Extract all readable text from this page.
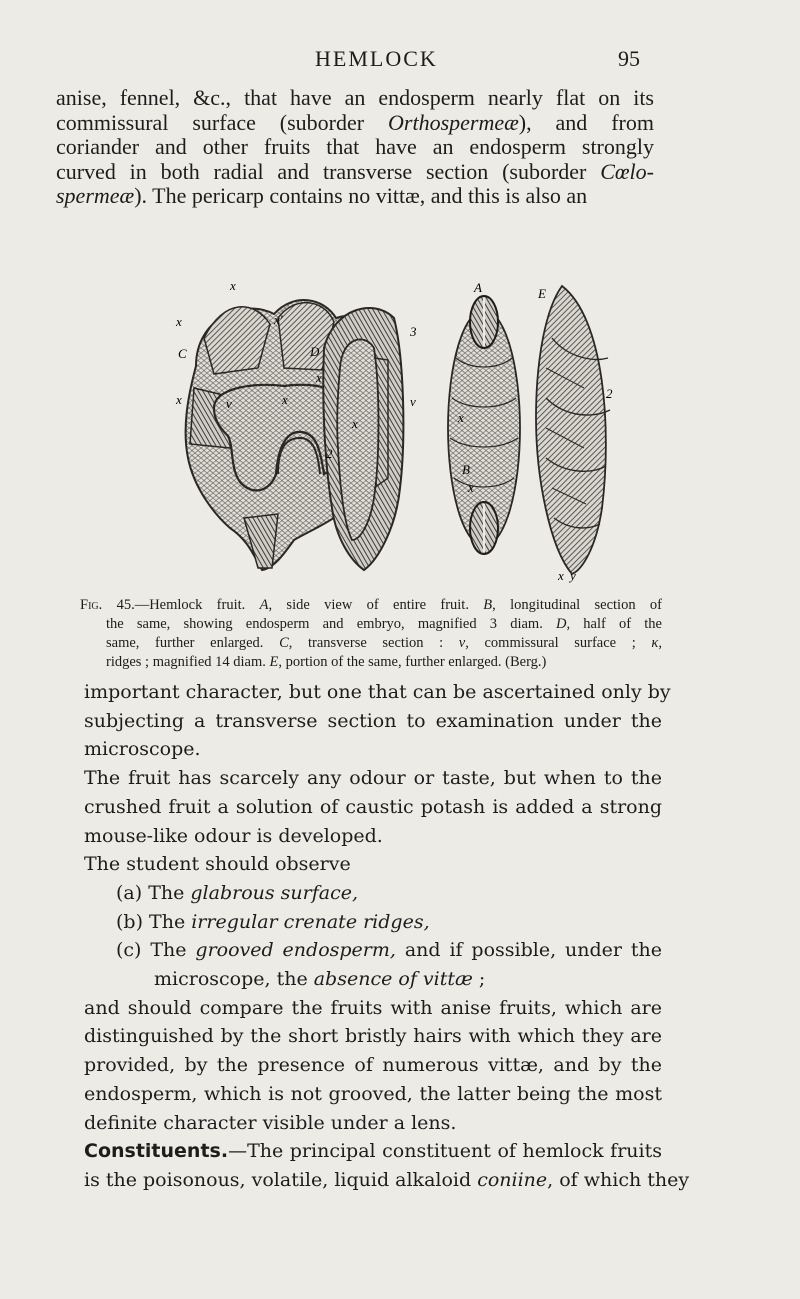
HEMLOCK	95
anise, fennel, &c., that have an endosperm nearly flat on its
commissural surface (suborder Orthospermeæ), and from
coriander and other fruits that have an endosperm strongly
curved in both radial and transverse section (suborder Cœlo-
spermeæ). The pericarp contains no vittæ, and this is also an
x
x	x'
C
x	v	x
D
x
3
v
2
x
A
x
B
x
E
2
x y
Fig. 45.—Hemlock fruit. A, side view of entire fruit. B, longitudinal section of
the same, showing endosperm and embryo, magnified 3 diam. D, half of the
same, further enlarged. C, transverse section : v, commissural surface ; κ,
ridges ; magnified 14 diam. E, portion of the same, further enlarged. (Berg.)
important character, but one that can be ascertained only by
subjecting a transverse section to examination under the
microscope.
The fruit has scarcely any odour or taste, but when to the
crushed fruit a solution of caustic potash is added a strong
mouse-like odour is developed.
The student should observe
(a) The glabrous surface,
(b) The irregular crenate ridges,
(c) The grooved endosperm, and if possible, under the
microscope, the absence of vittæ ;
and should compare the fruits with anise fruits, which are
distinguished by the short bristly hairs with which they are
provided, by the presence of numerous vittæ, and by the
endosperm, which is not grooved, the latter being the most
definite character visible under a lens.
Constituents.—The principal constituent of hemlock fruits
is the poisonous, volatile, liquid alkaloid coniine, of which they
